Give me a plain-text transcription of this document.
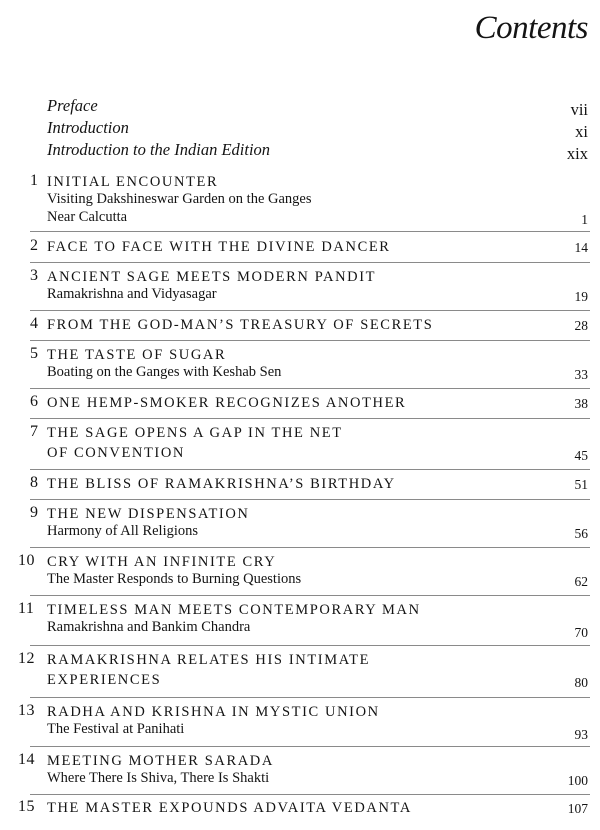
Contents
Preface	vii
Introduction	xi
Introduction to the Indian Edition	xix
1 INITIAL ENCOUNTER
Visiting Dakshineswar Garden on the Ganges
Near Calcutta	1
2 FACE TO FACE WITH THE DIVINE DANCER	14
3 ANCIENT SAGE MEETS MODERN PANDIT
Ramakrishna and Vidyasagar	19
4 FROM THE GOD-MAN’S TREASURY OF SECRETS	28
5 THE TASTE OF SUGAR
Boating on the Ganges with Keshab Sen	33
6 ONE HEMP-SMOKER RECOGNIZES ANOTHER	38
7 THE SAGE OPENS A GAP IN THE NET
OF CONVENTION	45
8 THE BLISS OF RAMAKRISHNA’S BIRTHDAY	51
9 THE NEW DISPENSATION
Harmony of All Religions	56
10 CRY WITH AN INFINITE CRY
The Master Responds to Burning Questions	62
11 TIMELESS MAN MEETS CONTEMPORARY MAN
Ramakrishna and Bankim Chandra	70
12 RAMAKRISHNA RELATES HIS INTIMATE
EXPERIENCES	80
13 RADHA AND KRISHNA IN MYSTIC UNION
The Festival at Panihati	93
14 MEETING MOTHER SARADA
Where There Is Shiva, There Is Shakti	100
15 THE MASTER EXPOUNDS ADVAITA VEDANTA	107
